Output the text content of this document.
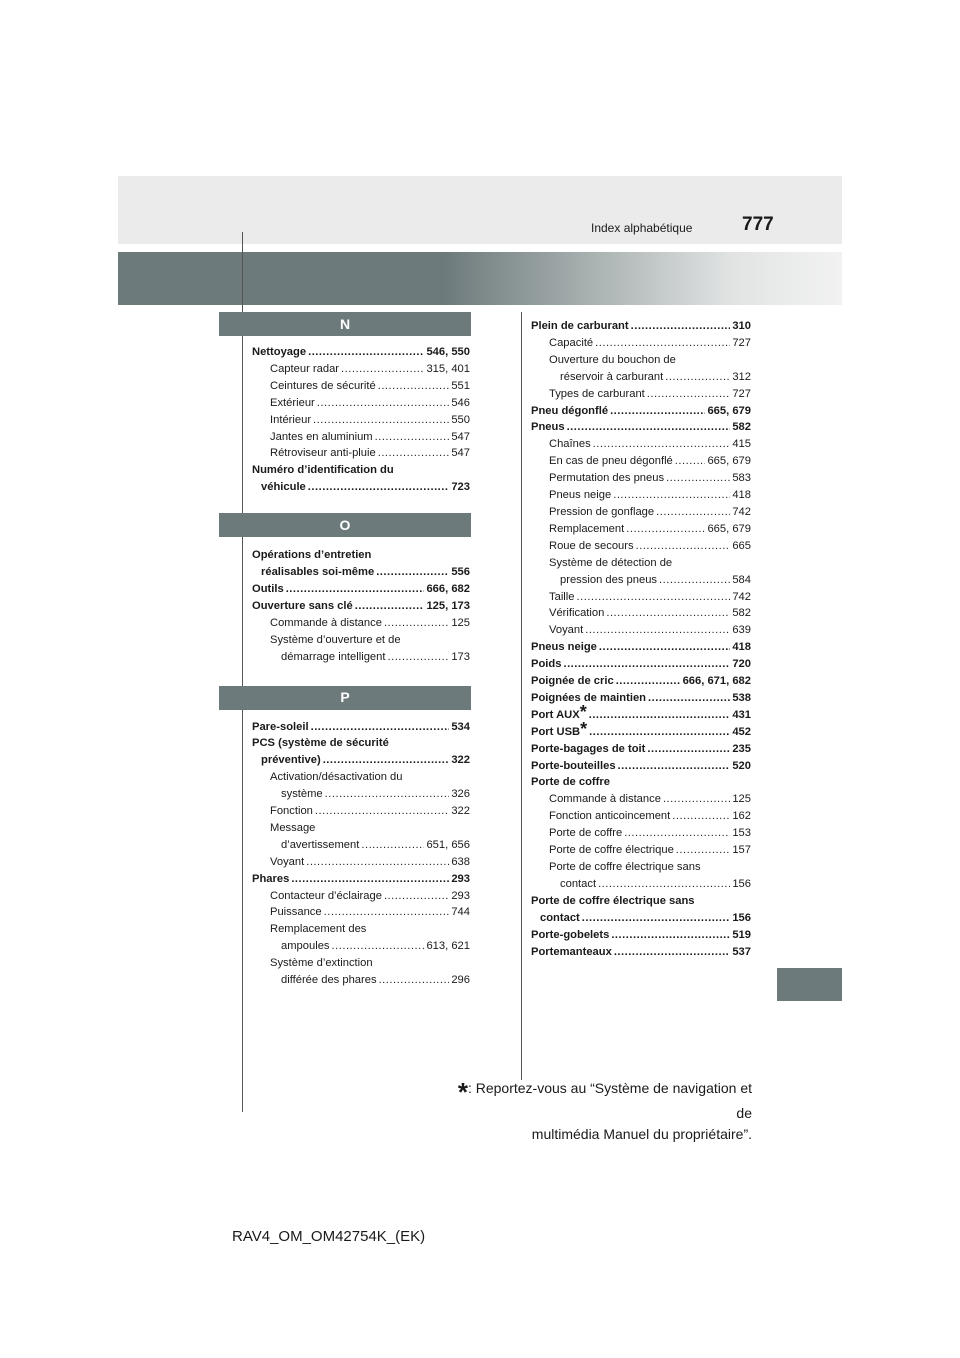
777
Index alphabétique
N
Nettoyage .....	546, 550
Capteur radar .....	315, 401
Ceintures de sécurité .....	551
Extérieur .....	546
Intérieur .....	550
Jantes en aluminium .....	547
Rétroviseur anti-pluie .....	547
Numéro d’identification du
véhicule .....	723
O
Opérations d’entretien
réalisables soi-même .....	556
Outils .....	666, 682
Ouverture sans clé .....	125, 173
Commande à distance .....	125
Système d’ouverture et de
démarrage intelligent .....	173
P
Pare-soleil .....	534
PCS (système de sécurité
préventive) .....	322
Activation/désactivation du
système .....	326
Fonction .....	322
Message
d’avertissement .....	651, 656
Voyant .....	638
Phares .....	293
Contacteur d’éclairage .....	293
Puissance .....	744
Remplacement des
ampoules .....	613, 621
Système d’extinction
différée des phares .....	296
Plein de carburant .....	310
Capacité .....	727
Ouverture du bouchon de
réservoir à carburant .....	312
Types de carburant .....	727
Pneu dégonflé .....	665, 679
Pneus .....	582
Chaînes .....	415
En cas de pneu dégonflé .....	665, 679
Permutation des pneus .....	583
Pneus neige .....	418
Pression de gonflage .....	742
Remplacement .....	665, 679
Roue de secours .....	665
Système de détection de
pression des pneus .....	584
Taille .....	742
Vérification .....	582
Voyant .....	639
Pneus neige .....	418
Poids .....	720
Poignée de cric .....	666, 671, 682
Poignées de maintien .....	538
Port AUX * .....	431
Port USB * .....	452
Porte-bagages de toit .....	235
Porte-bouteilles .....	520
Porte de coffre
Commande à distance .....	125
Fonction anticoincement .....	162
Porte de coffre .....	153
Porte de coffre électrique .....	157
Porte de coffre électrique sans
contact .....	156
Porte de coffre électrique sans
contact .....	156
Porte-gobelets .....	519
Portemanteaux .....	537
*: Reportez-vous au “Système de navigation et de
multimédia Manuel du propriétaire”.
RAV4_OM_OM42754K_(EK)
